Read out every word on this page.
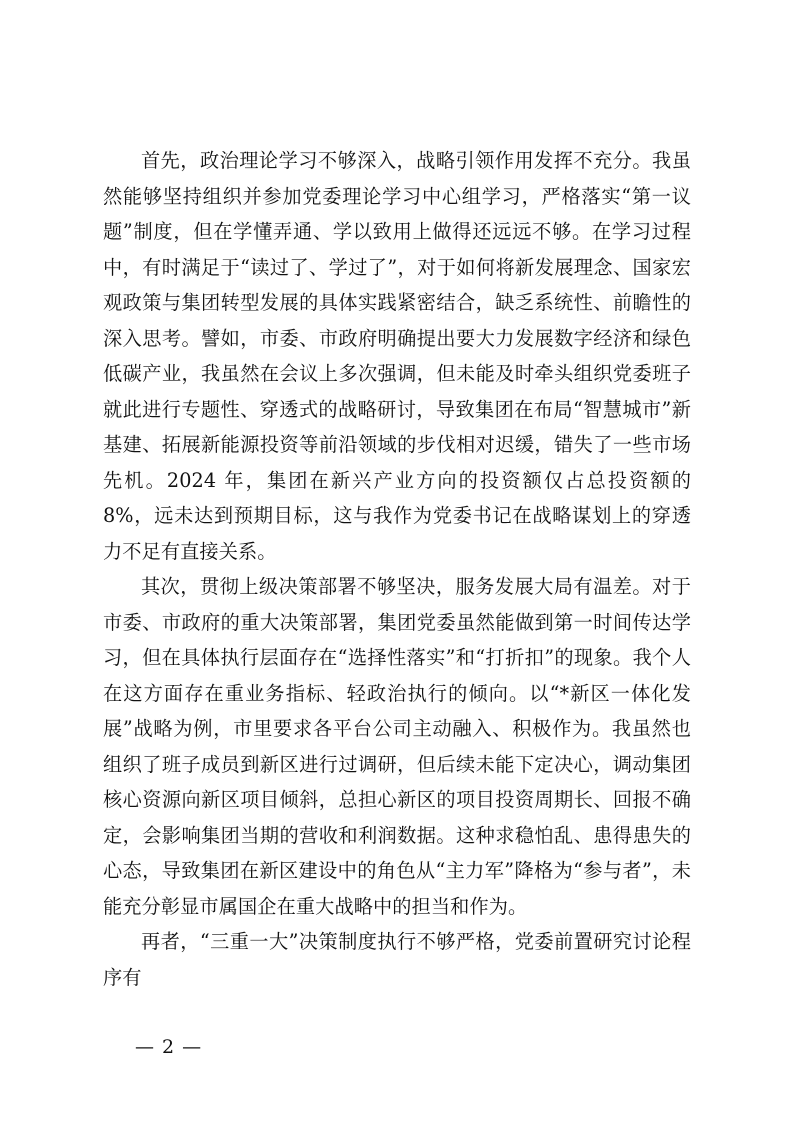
首先，政治理论学习不够深入，战略引领作用发挥不充分。我虽然能够坚持组织并参加党委理论学习中心组学习，严格落实“第一议题”制度，但在学懂弄通、学以致用上做得还远远不够。在学习过程中，有时满足于“读过了、学过了”，对于如何将新发展理念、国家宏观政策与集团转型发展的具体实践紧密结合，缺乏系统性、前瞻性的深入思考。譬如，市委、市政府明确提出要大力发展数字经济和绿色低碳产业，我虽然在会议上多次强调，但未能及时牵头组织党委班子就此进行专题性、穿透式的战略研讨，导致集团在布局“智慧城市”新基建、拓展新能源投资等前沿领域的步伐相对迟缓，错失了一些市场先机。2024 年，集团在新兴产业方向的投资额仅占总投资额的 8%，远未达到预期目标，这与我作为党委书记在战略谋划上的穿透力不足有直接关系。

其次，贯彻上级决策部署不够坚决，服务发展大局有温差。对于市委、市政府的重大决策部署，集团党委虽然能做到第一时间传达学习，但在具体执行层面存在“选择性落实”和“打折扣”的现象。我个人在这方面存在重业务指标、轻政治执行的倾向。以“*新区一体化发展”战略为例，市里要求各平台公司主动融入、积极作为。我虽然也组织了班子成员到新区进行过调研，但后续未能下定决心，调动集团核心资源向新区项目倾斜，总担心新区的项目投资周期长、回报不确定，会影响集团当期的营收和利润数据。这种求稳怕乱、患得患失的心态，导致集团在新区建设中的角色从“主力军”降格为“参与者”，未能充分彰显市属国企在重大战略中的担当和作为。

再者，“三重一大”决策制度执行不够严格，党委前置研究讨论程序有

— 2 —
